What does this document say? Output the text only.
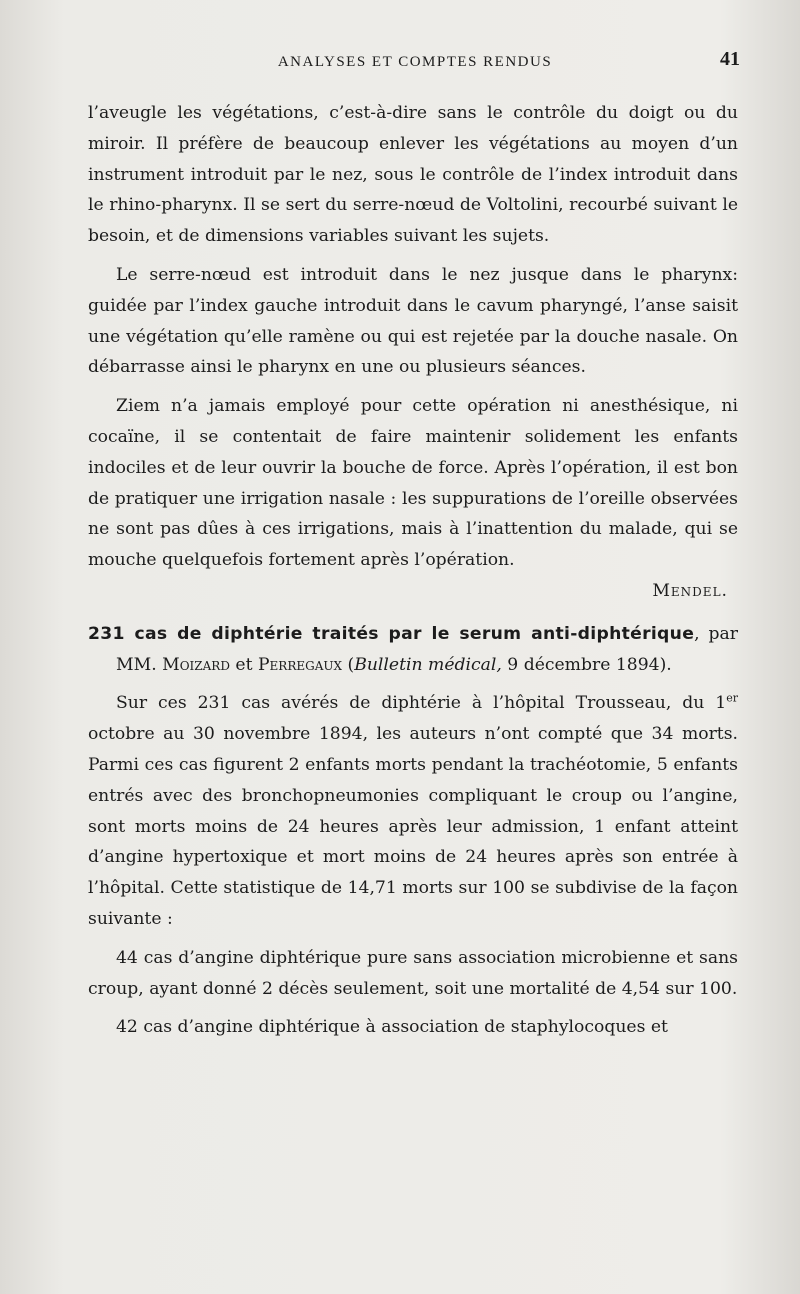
ANALYSES ET COMPTES RENDUS	41

l’aveugle les végétations, c’est-à-dire sans le contrôle du doigt ou du miroir. Il préfère de beaucoup enlever les végétations au moyen d’un instrument introduit par le nez, sous le contrôle de l’index introduit dans le rhino-pharynx. Il se sert du serre-nœud de Voltolini, recourbé suivant le besoin, et de dimensions variables suivant les sujets.

Le serre-nœud est introduit dans le nez jusque dans le pharynx: guidée par l’index gauche introduit dans le cavum pharyngé, l’anse saisit une végétation qu’elle ramène ou qui est rejetée par la douche nasale. On débarrasse ainsi le pharynx en une ou plusieurs séances.

Ziem n’a jamais employé pour cette opération ni anesthésique, ni cocaïne, il se contentait de faire maintenir solidement les enfants indociles et de leur ouvrir la bouche de force. Après l’opération, il est bon de pratiquer une irrigation nasale : les suppurations de l’oreille observées ne sont pas dûes à ces irrigations, mais à l’inattention du malade, qui se mouche quelquefois fortement après l’opération.

Mendel.

231 cas de diphtérie traités par le serum anti-diphtérique, par MM. Moizard et Perregaux (Bulletin médical, 9 décembre 1894).

Sur ces 231 cas avérés de diphtérie à l’hôpital Trousseau, du 1er octobre au 30 novembre 1894, les auteurs n’ont compté que 34 morts. Parmi ces cas figurent 2 enfants morts pendant la trachéotomie, 5 enfants entrés avec des bronchopneumonies compliquant le croup ou l’angine, sont morts moins de 24 heures après leur admission, 1 enfant atteint d’angine hypertoxique et mort moins de 24 heures après son entrée à l’hôpital. Cette statistique de 14,71 morts sur 100 se subdivise de la façon suivante :

44 cas d’angine diphtérique pure sans association microbienne et sans croup, ayant donné 2 décès seulement, soit une mortalité de 4,54 sur 100.

42 cas d’angine diphtérique à association de staphylocoques et
